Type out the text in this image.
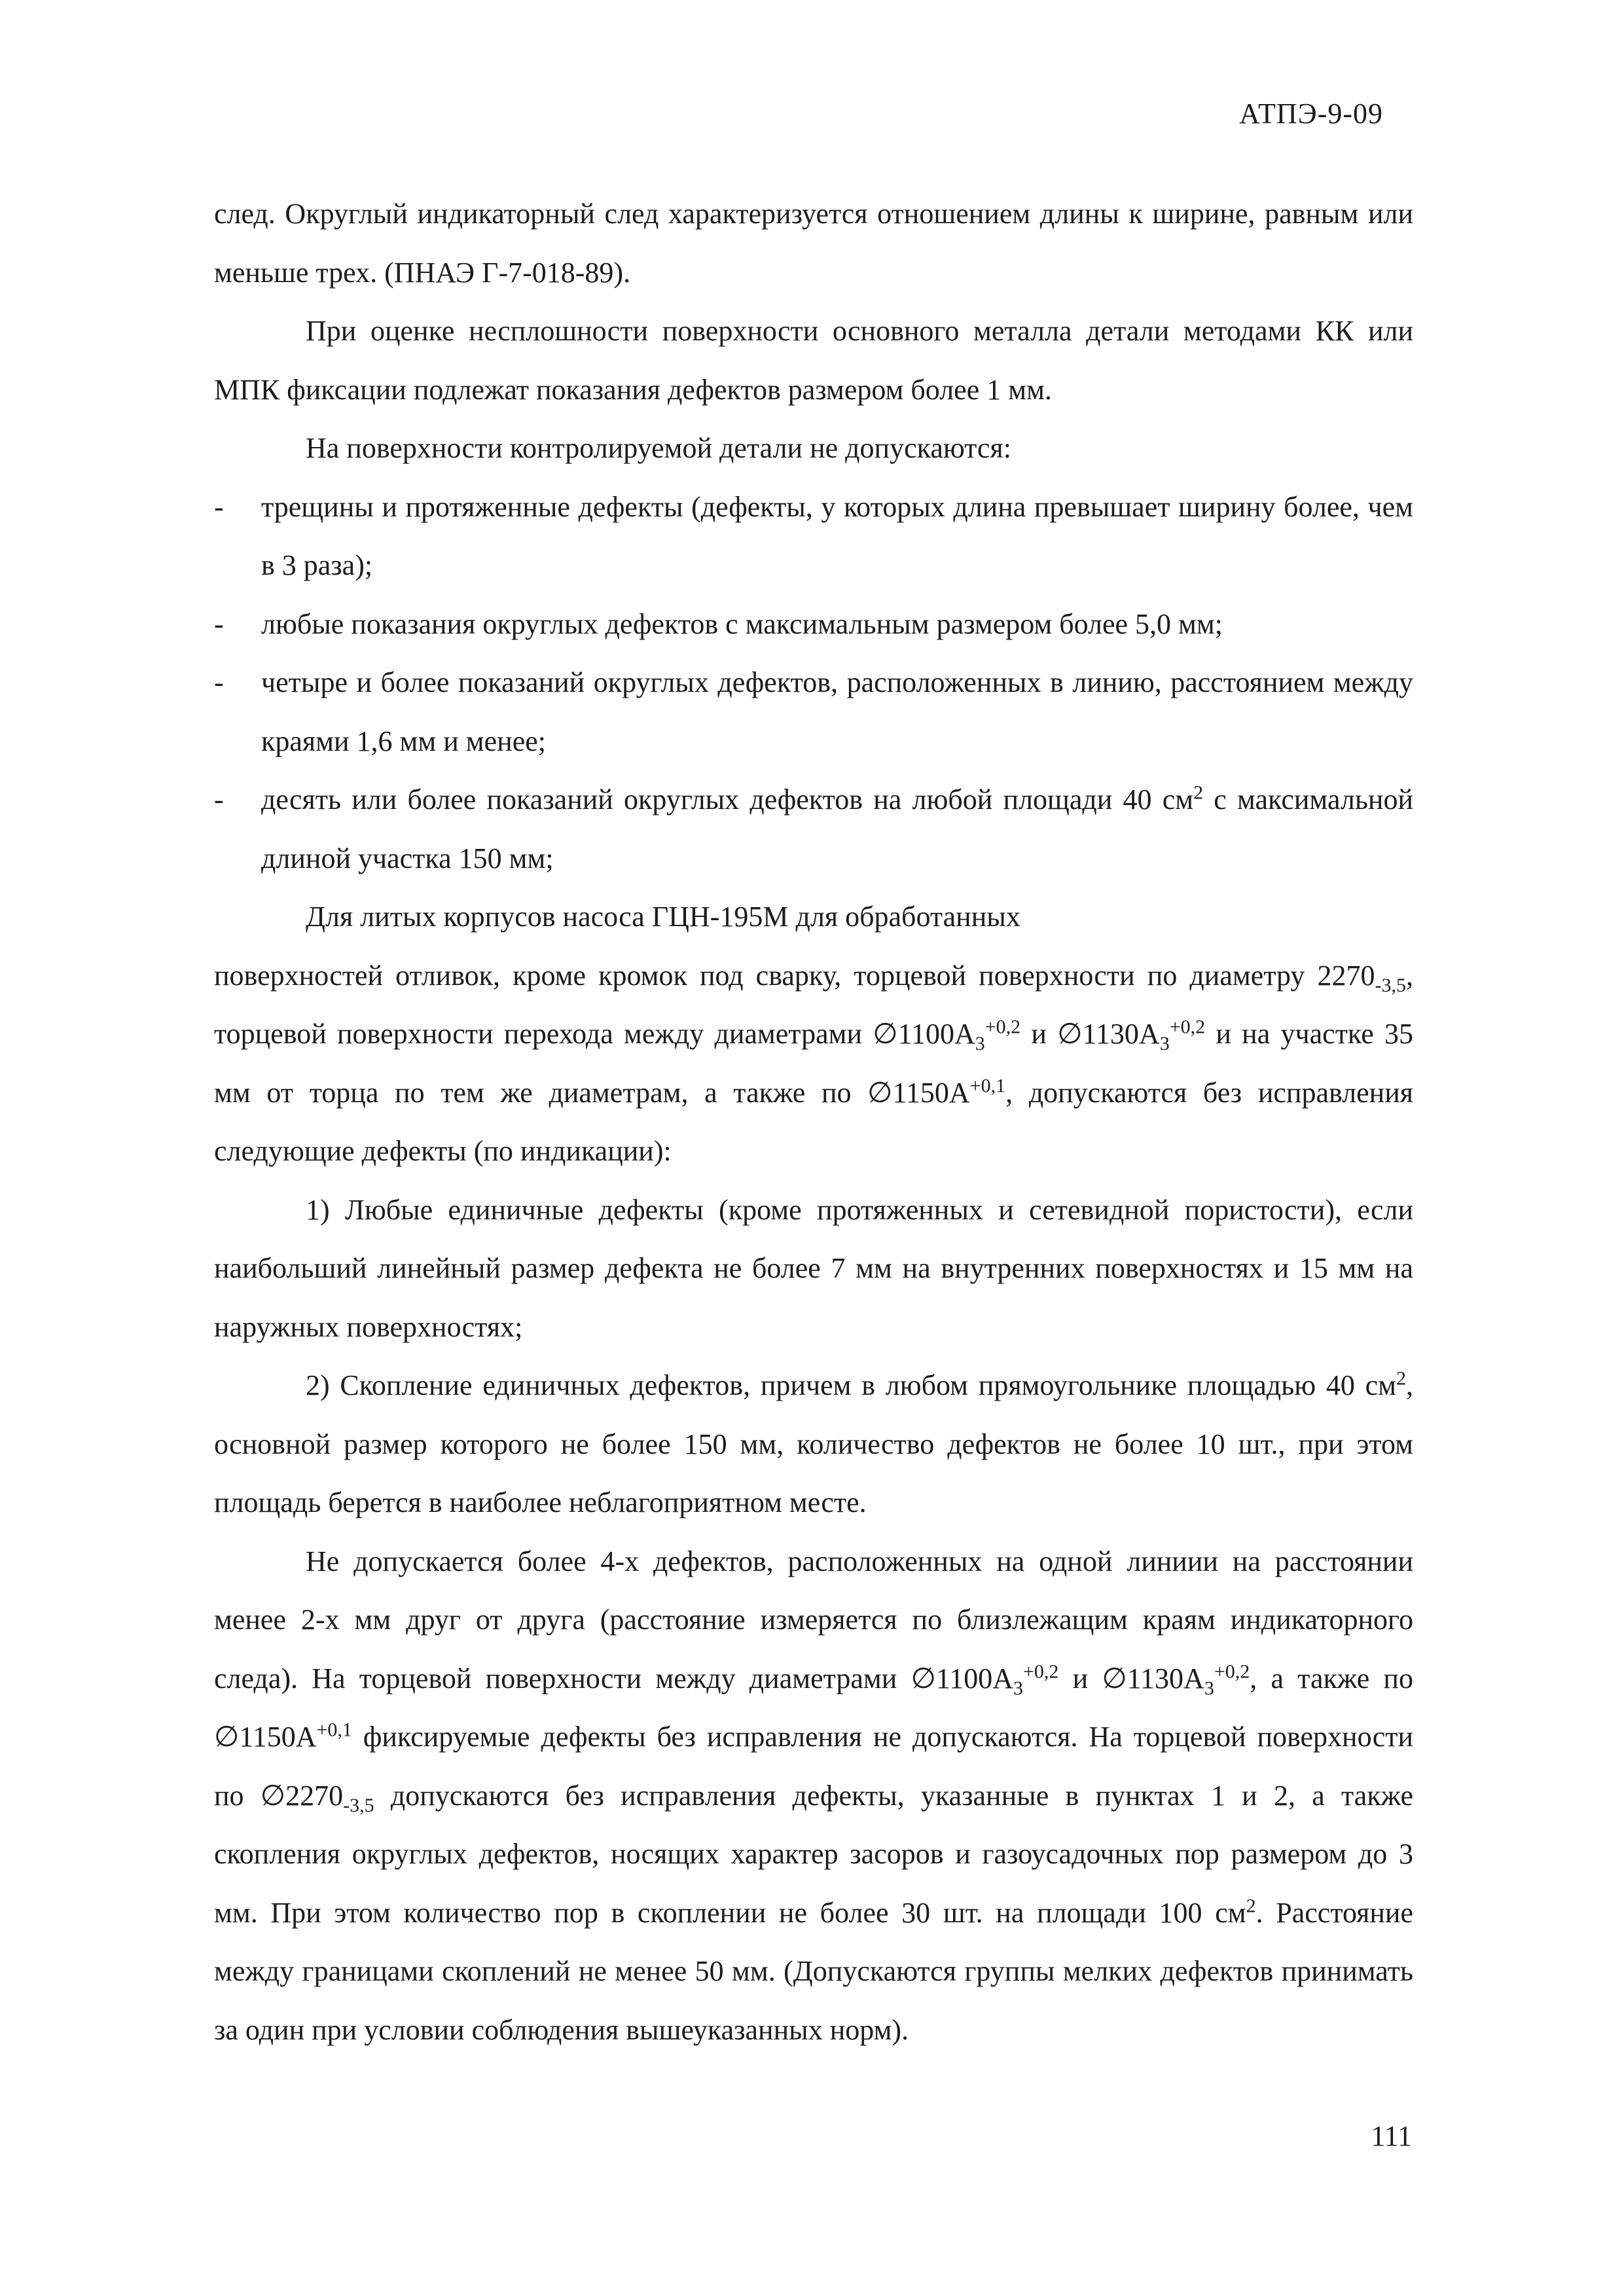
АТПЭ-9-09

след. Округлый индикаторный след характеризуется отношением длины к ширине, равным или меньше трех. (ПНАЭ Г-7-018-89).

При оценке несплошности поверхности основного металла детали методами КК или МПК фиксации подлежат показания дефектов размером более 1 мм.

На поверхности контролируемой детали не допускаются:

- трещины и протяженные дефекты (дефекты, у которых длина превышает ширину более, чем в 3 раза);
- любые показания округлых дефектов с максимальным размером более 5,0 мм;
- четыре и более показаний округлых дефектов, расположенных в линию, расстоянием между краями 1,6 мм и менее;
- десять или более показаний округлых дефектов на любой площади 40 $см^2$ с максимальной длиной участка 150 мм;

Для литых корпусов насоса ГЦН-195М для обработанных

поверхностей отливок, кроме кромок под сварку, торцевой поверхности по диаметру $2270_{-3,5}$, торцевой поверхности перехода между диаметрами $\emptyset 1100A_3^{+0,2}$ и $\emptyset 1130A_3^{+0,2}$ и на участке 35 мм от торца по тем же диаметрам, а также по $\emptyset 1150A^{+0,1}$, допускаются без исправления следующие дефекты (по индикации):

1) Любые единичные дефекты (кроме протяженных и сетевидной пористости), если наибольший линейный размер дефекта не более 7 мм на внутренних поверхностях и 15 мм на наружных поверхностях;

2) Скопление единичных дефектов, причем в любом прямоугольнике площадью 40 $см^2$, основной размер которого не более 150 мм, количество дефектов не более 10 шт., при этом площадь берется в наиболее неблагоприятном месте.

Не допускается более 4-х дефектов, расположенных на одной линиии на расстоянии менее 2-х мм друг от друга (расстояние измеряется по близлежащим краям индикаторного следа). На торцевой поверхности между диаметрами $\emptyset 1100A_3^{+0,2}$ и $\emptyset 1130A_3^{+0,2}$, а также по $\emptyset 1150A^{+0,1}$ фиксируемые дефекты без исправления не допускаются. На торцевой поверхности по $\emptyset 2270_{-3,5}$ допускаются без исправления дефекты, указанные в пунктах 1 и 2, а также скопления округлых дефектов, носящих характер засоров и газоусадочных пор размером до 3 мм. При этом количество пор в скоплении не более 30 шт. на площади 100 $см^2$. Расстояние между границами скоплений не менее 50 мм. (Допускаются группы мелких дефектов принимать за один при условии соблюдения вышеуказанных норм).

111
